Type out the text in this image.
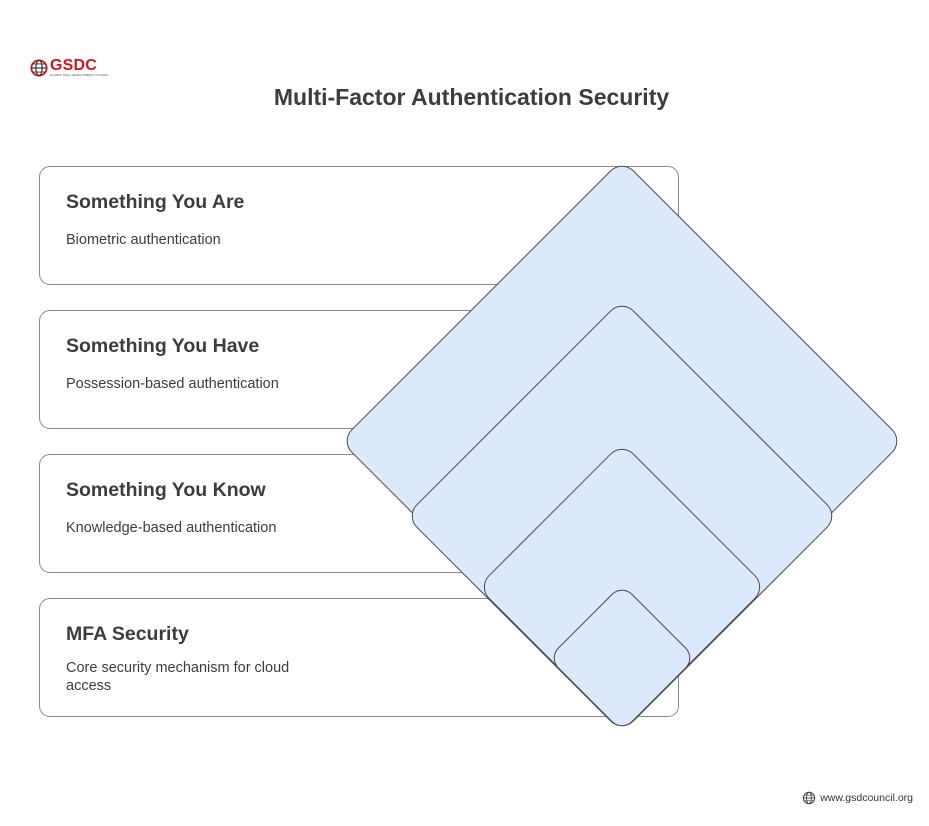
GSDC
GLOBAL SKILL DEVELOPMENT COUNCIL
Multi-Factor Authentication Security
Something You Are
Biometric authentication
Something You Have
Possession-based authentication
Something You Know
Knowledge-based authentication
MFA Security
Core security mechanism for cloud access
www.gsdcouncil.org
